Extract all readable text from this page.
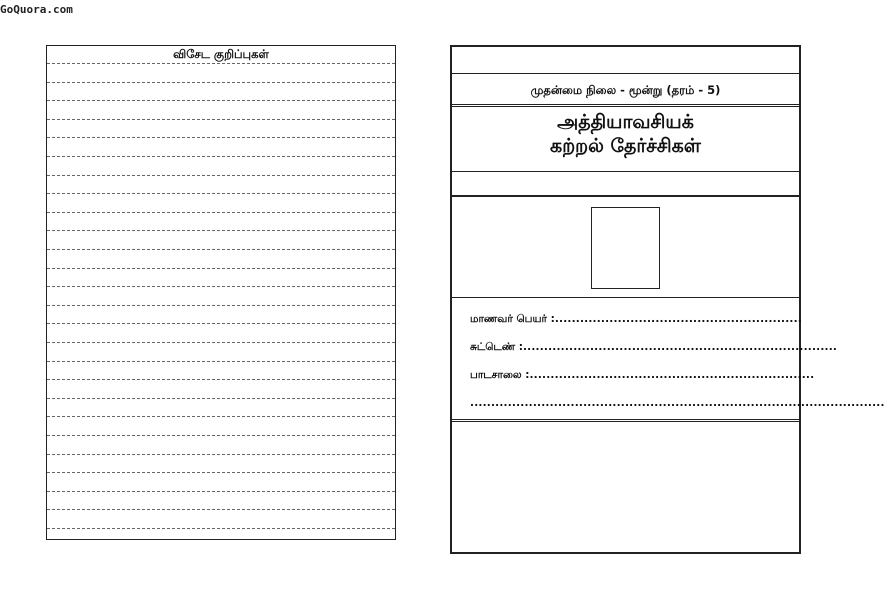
GoQuora.com
விசேட குறிப்புகள்
முதன்மை நிலை - மூன்று (தரம் - 5)
அத்தியாவசியக்
கற்றல் தேர்ச்சிகள்
மாணவர் பெயர் :...........................................................
சுட்டெண் :...........................................................................
பாடசாலை :....................................................................
...................................................................................................
